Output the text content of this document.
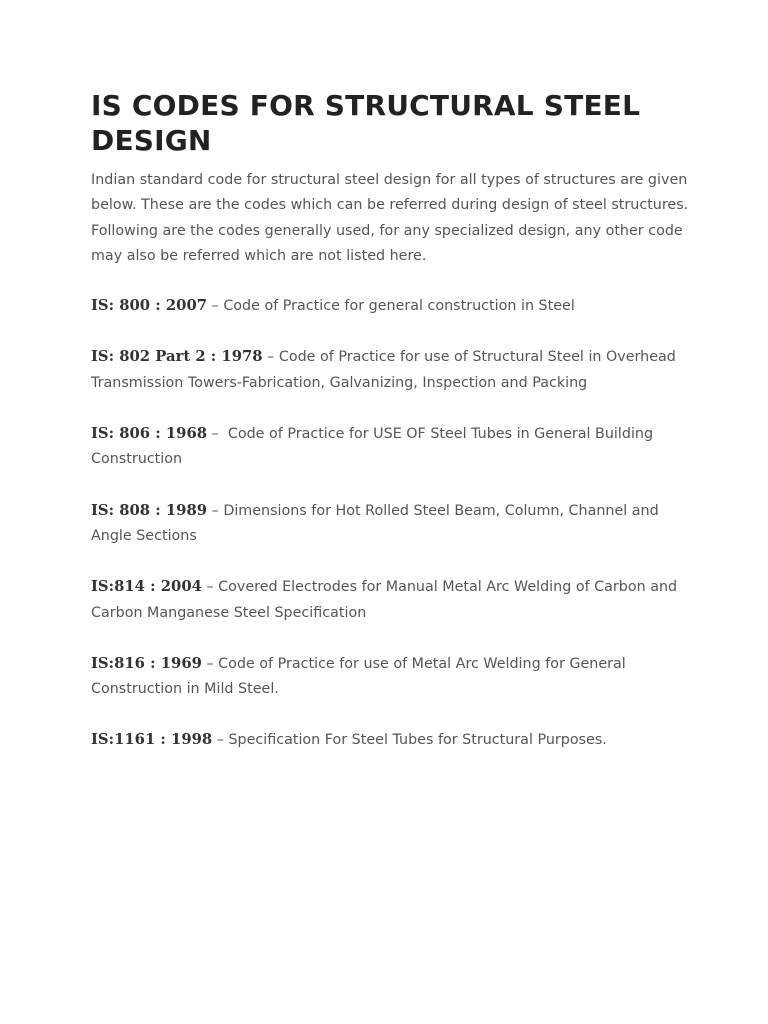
IS CODES FOR STRUCTURAL STEEL DESIGN

Indian standard code for structural steel design for all types of structures are given below. These are the codes which can be referred during design of steel structures. Following are the codes generally used, for any specialized design, any other code may also be referred which are not listed here.

IS: 800 : 2007 – Code of Practice for general construction in Steel

IS: 802 Part 2 : 1978 – Code of Practice for use of Structural Steel in Overhead Transmission Towers-Fabrication, Galvanizing, Inspection and Packing

IS: 806 : 1968 –  Code of Practice for USE OF Steel Tubes in General Building Construction

IS: 808 : 1989 – Dimensions for Hot Rolled Steel Beam, Column, Channel and Angle Sections

IS:814 : 2004 – Covered Electrodes for Manual Metal Arc Welding of Carbon and Carbon Manganese Steel Specification

IS:816 : 1969 – Code of Practice for use of Metal Arc Welding for General Construction in Mild Steel.

IS:1161 : 1998 – Specification For Steel Tubes for Structural Purposes.
